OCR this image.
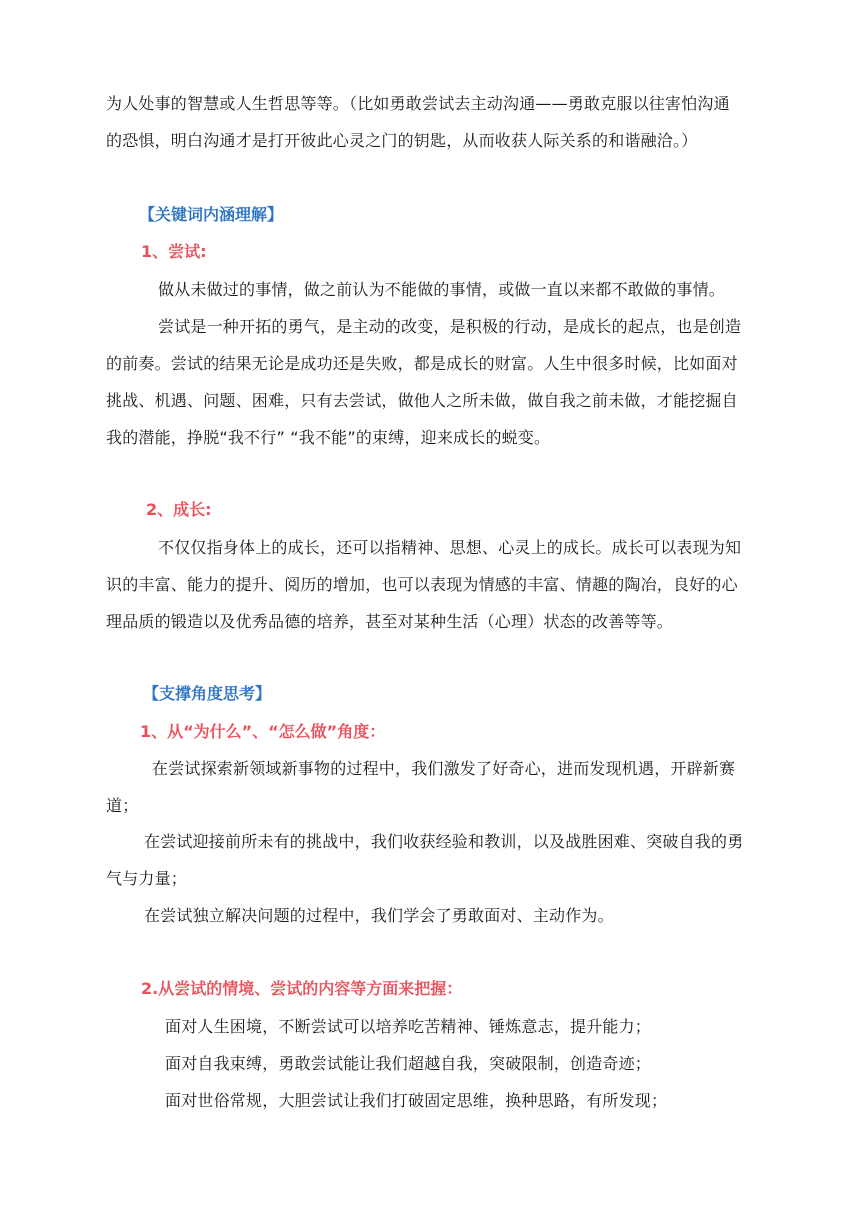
为人处事的智慧或人生哲思等等。（比如勇敢尝试去主动沟通——勇敢克服以往害怕沟通
的恐惧，明白沟通才是打开彼此心灵之门的钥匙，从而收获人际关系的和谐融洽。）
【关键词内涵理解】
1、尝试:
做从未做过的事情，做之前认为不能做的事情，或做一直以来都不敢做的事情。
尝试是一种开拓的勇气，是主动的改变，是积极的行动，是成长的起点，也是创造
的前奏。尝试的结果无论是成功还是失败，都是成长的财富。人生中很多时候，比如面对
挑战、机遇、问题、困难，只有去尝试，做他人之所未做，做自我之前未做，才能挖掘自
我的潜能，挣脱“我不行” “我不能”的束缚，迎来成长的蜕变。
2、成长:
不仅仅指身体上的成长，还可以指精神、思想、心灵上的成长。成长可以表现为知
识的丰富、能力的提升、阅历的增加，也可以表现为情感的丰富、情趣的陶冶，良好的心
理品质的锻造以及优秀品德的培养，甚至对某种生活（心理）状态的改善等等。
【支撑角度思考】
1、从“为什么”、“怎么做”角度：
在尝试探索新领域新事物的过程中，我们激发了好奇心，进而发现机遇，开辟新赛
道；
在尝试迎接前所未有的挑战中，我们收获经验和教训，以及战胜困难、突破自我的勇
气与力量；
在尝试独立解决问题的过程中，我们学会了勇敢面对、主动作为。
2.从尝试的情境、尝试的内容等方面来把握：
面对人生困境，不断尝试可以培养吃苦精神、锤炼意志，提升能力；
面对自我束缚，勇敢尝试能让我们超越自我，突破限制，创造奇迹；
面对世俗常规，大胆尝试让我们打破固定思维，换种思路，有所发现；
